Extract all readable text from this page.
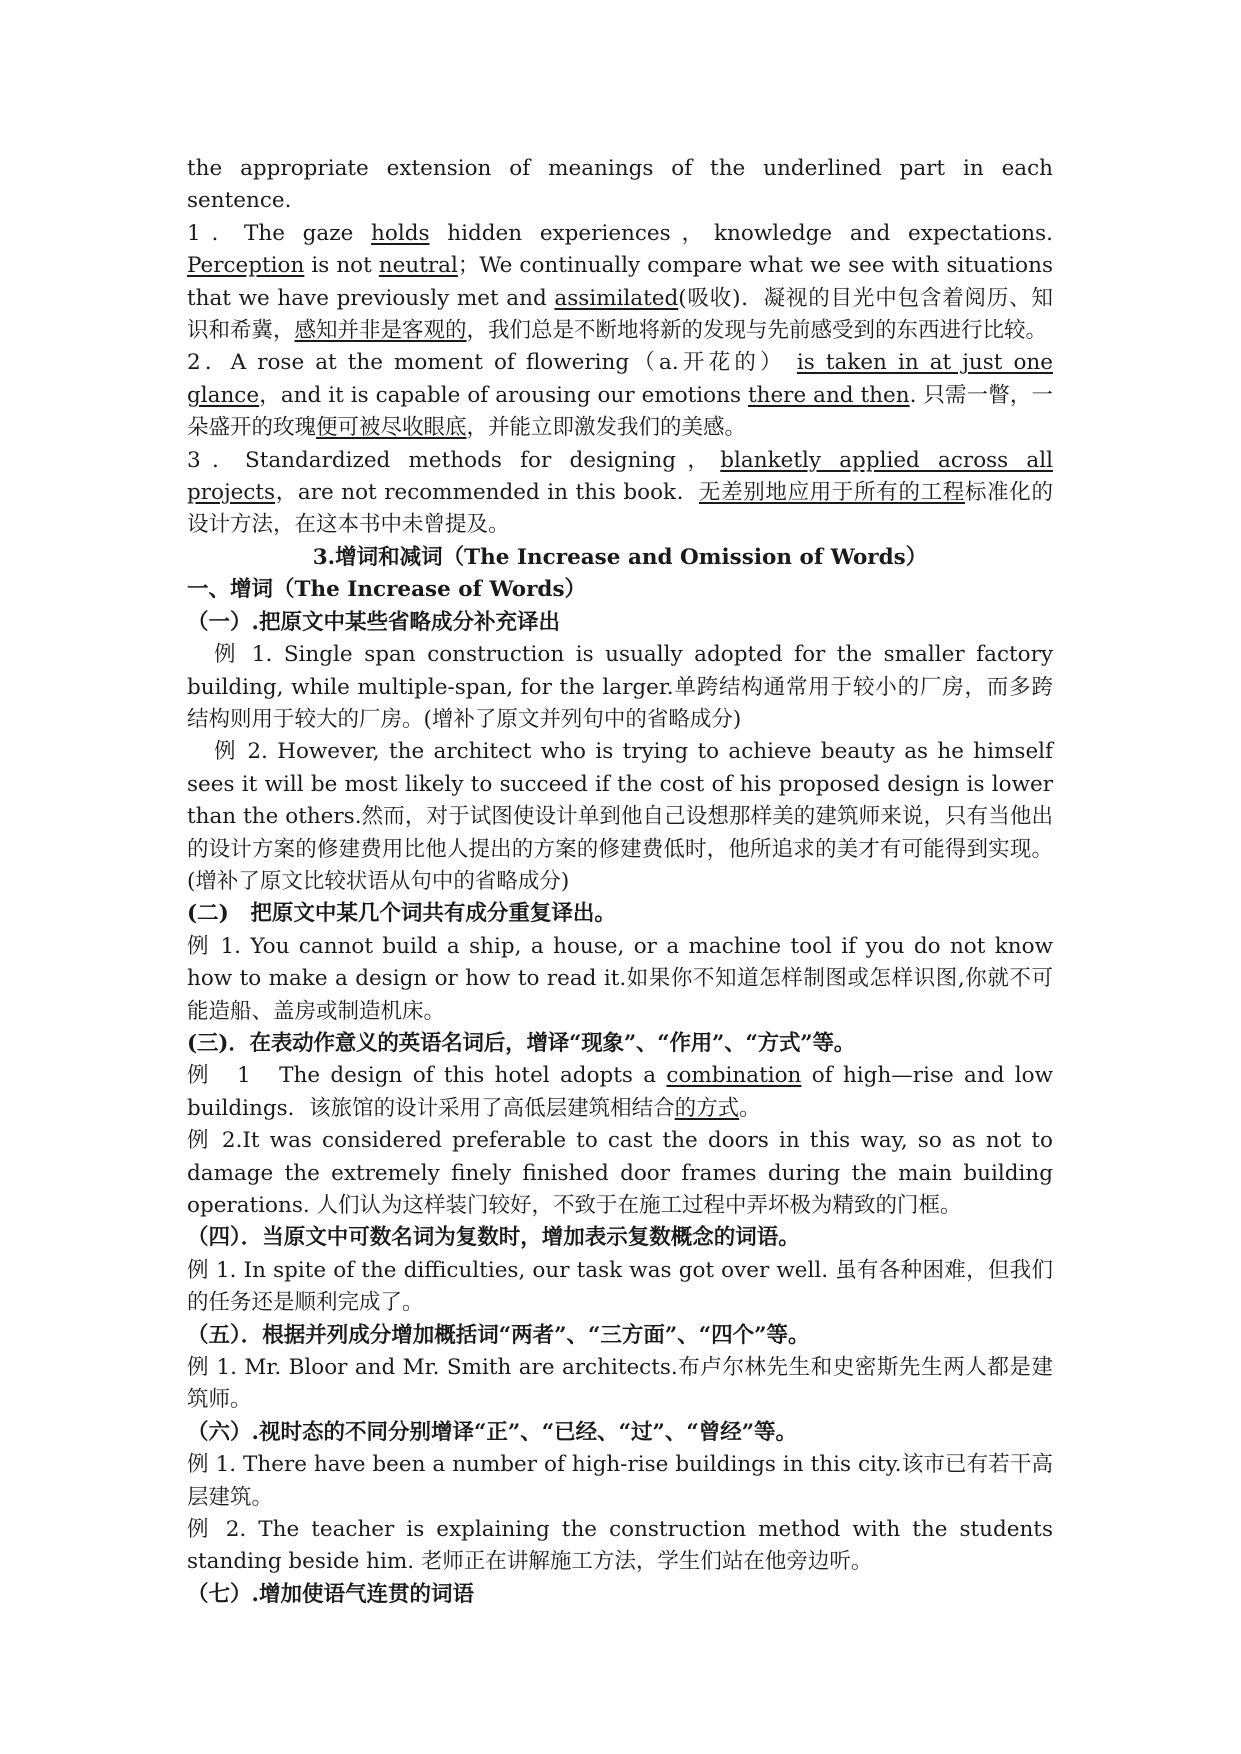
the appropriate extension of meanings of the underlined part in each sentence.

1．The gaze holds hidden experiences，knowledge and expectations. Perception is not neutral；We continually compare what we see with situations that we have previously met and assimilated(吸收)．凝视的目光中包含着阅历、知识和希冀，感知并非是客观的，我们总是不断地将新的发现与先前感受到的东西进行比较。

2．A rose at the moment of flowering（a.开花的） is taken in at just one glance，and it is capable of arousing our emotions there and then. 只需一瞥，一朵盛开的玫瑰便可被尽收眼底，并能立即激发我们的美感。

3．Standardized methods for designing，blanketly applied across all projects，are not recommended in this book．无差别地应用于所有的工程标准化的设计方法，在这本书中未曾提及。

3.增词和减词（The Increase and Omission of Words）

一、增词（The Increase of Words）

（一）.把原文中某些省略成分补充译出

例 1. Single span construction is usually adopted for the smaller factory building, while multiple-span, for the larger.单跨结构通常用于较小的厂房，而多跨结构则用于较大的厂房。(增补了原文并列句中的省略成分)

例 2. However, the architect who is trying to achieve beauty as he himself sees it will be most likely to succeed if the cost of his proposed design is lower than the others.然而，对于试图使设计单到他自己设想那样美的建筑师来说，只有当他出的设计方案的修建费用比他人提出的方案的修建费低时，他所追求的美才有可能得到实现。 (增补了原文比较状语从句中的省略成分)

(二)　把原文中某几个词共有成分重复译出。

例 1. You cannot build a ship, a house, or a machine tool if you do not know how to make a design or how to read it.如果你不知道怎样制图或怎样识图,你就不可能造船、盖房或制造机床。

(三)．在表动作意义的英语名词后，增译“现象”、“作用”、“方式”等。

例　1　The design of this hotel adopts a combination of high—rise and low buildings．该旅馆的设计采用了高低层建筑相结合的方式。

例 2.It was considered preferable to cast the doors in this way, so as not to damage the extremely finely finished door frames during the main building operations. 人们认为这样装门较好，不致于在施工过程中弄坏极为精致的门框。

（四）．当原文中可数名词为复数时，增加表示复数概念的词语。

例 1. In spite of the difficulties, our task was got over well. 虽有各种困难，但我们的任务还是顺利完成了。

（五）．根据并列成分增加概括词“两者”、“三方面”、“四个”等。

例 1. Mr. Bloor and Mr. Smith are architects.布卢尔林先生和史密斯先生两人都是建筑师。

（六）.视时态的不同分别增译“正”、“已经、“过”、“曾经”等。

例 1. There have been a number of high-rise buildings in this city.该市已有若干高层建筑。

例 2. The teacher is explaining the construction method with the students standing beside him. 老师正在讲解施工方法，学生们站在他旁边听。

（七）.增加使语气连贯的词语
